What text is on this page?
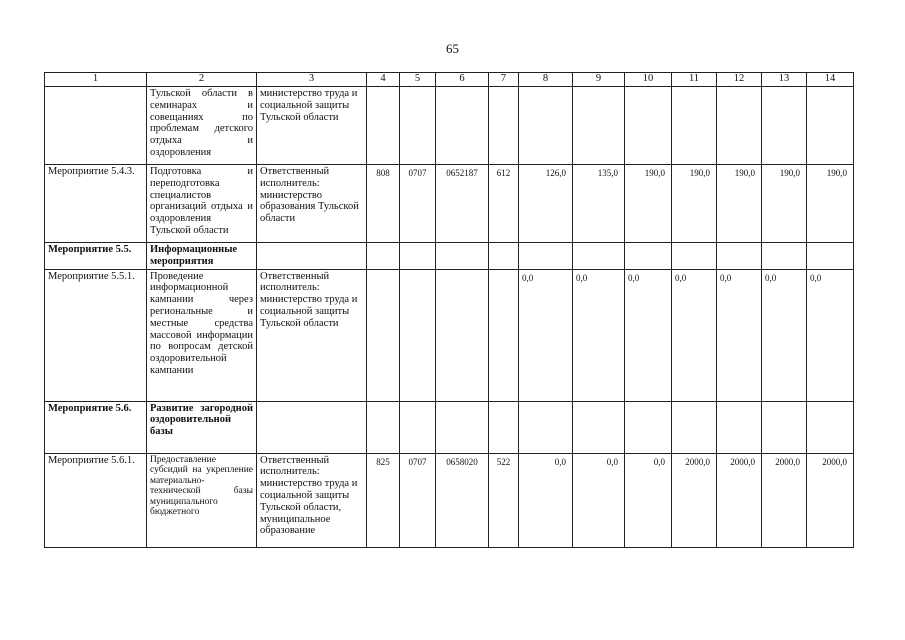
65
1	2	3	4	5	6	7	8	9	10	11	12	13	14
	Тульской области в семинарах и совещаниях по проблемам детского отдыха и оздоровления	министерство труда и социальной защиты Тульской области											
Мероприятие 5.4.3.	Подготовка и переподготовка специалистов организаций отдыха и оздоровления Тульской области	Ответственный исполнитель: министерство образования Тульской области	808	0707	0652187	612	126,0	135,0	190,0	190,0	190,0	190,0	190,0
Мероприятие 5.5.	Информационные мероприятия												
Мероприятие 5.5.1.	Проведение информационной кампании через региональные и местные средства массовой информации по вопросам детской оздоровительной кампании	Ответственный исполнитель: министерство труда и социальной защиты Тульской области					0,0	0,0	0,0	0,0	0,0	0,0	0,0
Мероприятие 5.6.	Развитие загородной оздоровительной базы												
Мероприятие 5.6.1.	Предоставление субсидий на укрепление материально-технической базы муниципального бюджетного	Ответственный исполнитель: министерство труда и социальной защиты Тульской области, муниципальное образование	825	0707	0658020	522	0,0	0,0	0,0	2000,0	2000,0	2000,0	2000,0
